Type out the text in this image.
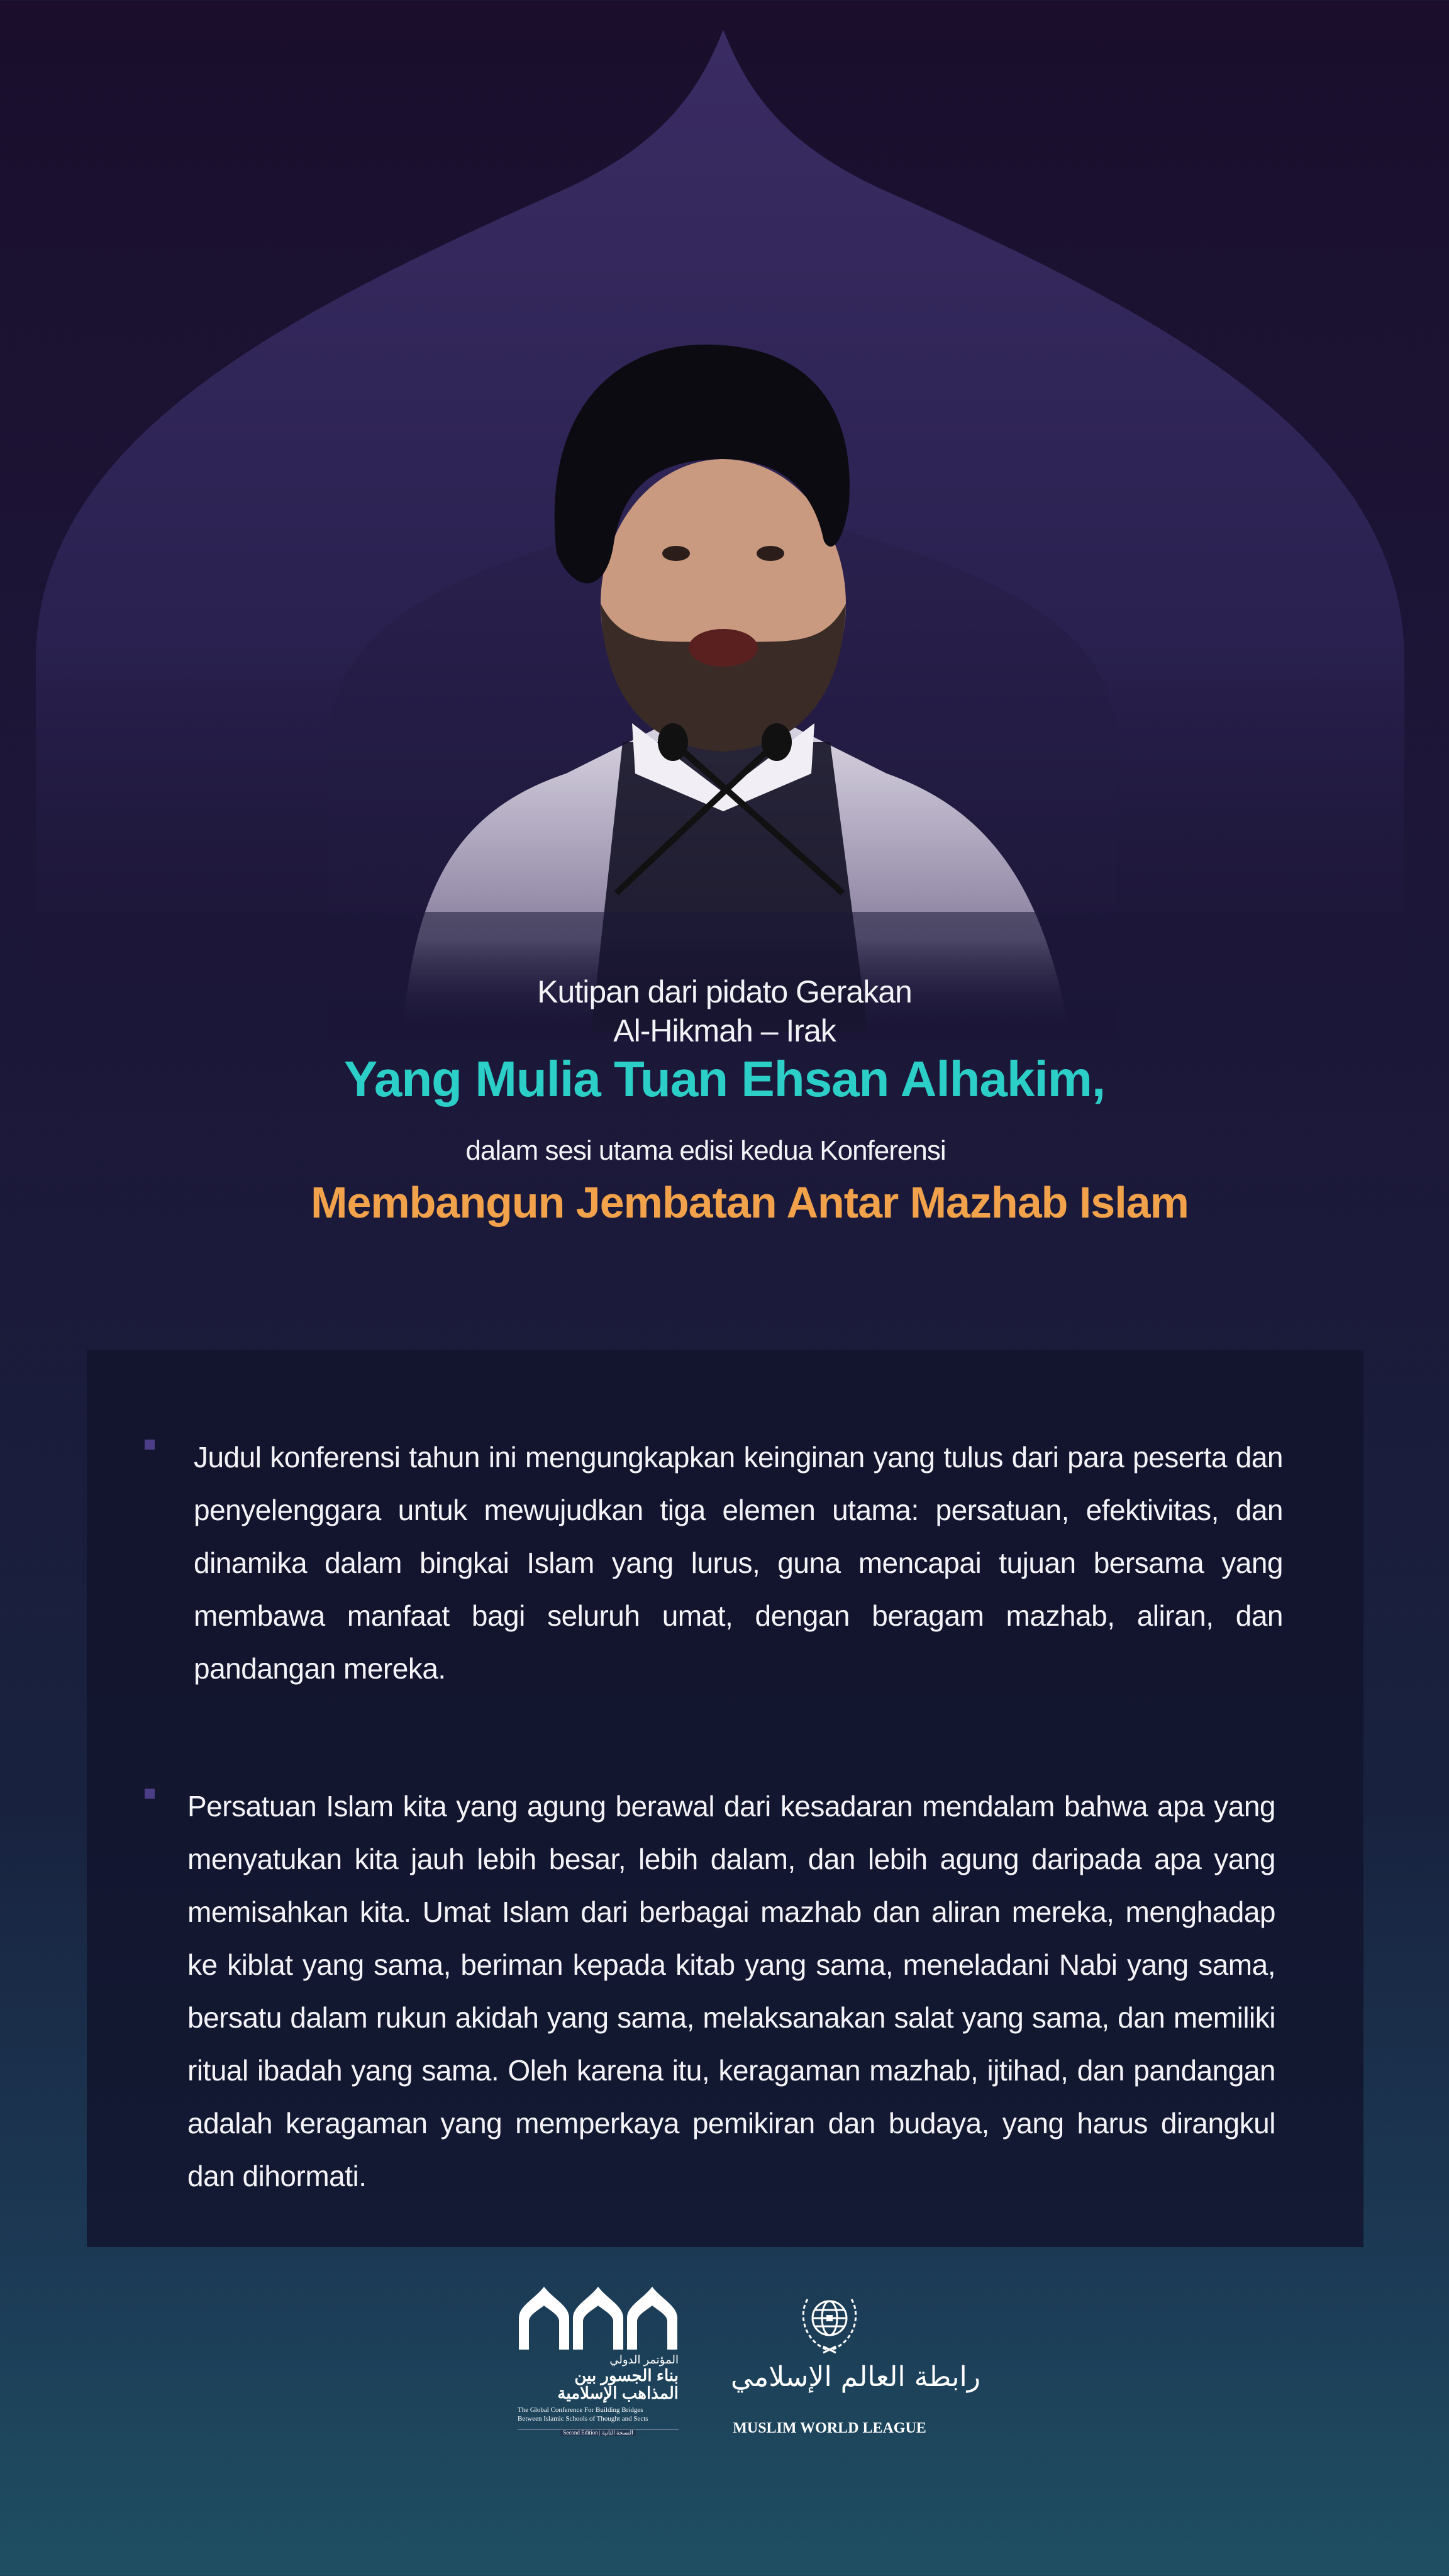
Kutipan dari pidato Gerakan
Al-Hikmah – Irak
Yang Mulia Tuan Ehsan Alhakim,
dalam sesi utama edisi kedua Konferensi
Membangun Jembatan Antar Mazhab Islam
Judul konferensi tahun ini mengungkapkan keinginan yang tulus dari para peserta dan penyelenggara untuk mewujudkan tiga elemen utama: persatuan, efektivitas, dan dinamika dalam bingkai Islam yang lurus, guna mencapai tujuan bersama yang membawa manfaat bagi seluruh umat, dengan beragam mazhab, aliran, dan pandangan mereka.
Persatuan Islam kita yang agung berawal dari kesadaran mendalam bahwa apa yang menyatukan kita jauh lebih besar, lebih dalam, dan lebih agung daripada apa yang memisahkan kita. Umat Islam dari berbagai mazhab dan aliran mereka, menghadap ke kiblat yang sama, beriman kepada kitab yang sama, meneladani Nabi yang sama, bersatu dalam rukun akidah yang sama, melaksanakan salat yang sama, dan memiliki ritual ibadah yang sama. Oleh karena itu, keragaman mazhab, ijtihad, dan pandangan adalah keragaman yang memperkaya pemikiran dan budaya, yang harus dirangkul dan dihormati.
المؤتمر الدولي
بناء الجسور بين
المذاهب الإسلامية
The Global Conference For Building Bridges
Between Islamic Schools of Thought and Sects
Second Edition | النسخة الثانية
رابطة العالم الإسلامي
MUSLIM WORLD LEAGUE
